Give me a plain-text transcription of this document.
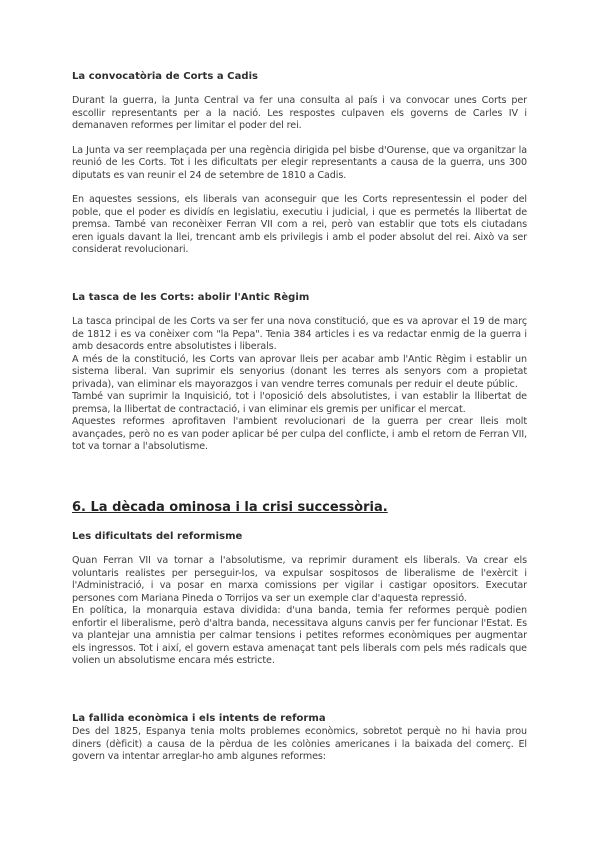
La convocatòria de Corts a Cadis

Durant la guerra, la Junta Central va fer una consulta al país i va convocar unes Corts per escollir representants per a la nació. Les respostes culpaven els governs de Carles IV i demanaven reformes per limitar el poder del rei.

La Junta va ser reemplaçada per una regència dirigida pel bisbe d'Ourense, que va organitzar la reunió de les Corts. Tot i les dificultats per elegir representants a causa de la guerra, uns 300 diputats es van reunir el 24 de setembre de 1810 a Cadis.

En aquestes sessions, els liberals van aconseguir que les Corts representessin el poder del poble, que el poder es dividís en legislatiu, executiu i judicial, i que es permetés la llibertat de premsa. També van reconèixer Ferran VII com a rei, però van establir que tots els ciutadans eren iguals davant la llei, trencant amb els privilegis i amb el poder absolut del rei. Això va ser considerat revolucionari.

La tasca de les Corts: abolir l'Antic Règim

La tasca principal de les Corts va ser fer una nova constitució, que es va aprovar el 19 de març de 1812 i es va conèixer com "la Pepa". Tenia 384 articles i es va redactar enmig de la guerra i amb desacords entre absolutistes i liberals.

A més de la constitució, les Corts van aprovar lleis per acabar amb l'Antic Règim i establir un sistema liberal. Van suprimir els senyorius (donant les terres als senyors com a propietat privada), van eliminar els mayorazgos i van vendre terres comunals per reduir el deute públic.

També van suprimir la Inquisició, tot i l'oposició dels absolutistes, i van establir la llibertat de premsa, la llibertat de contractació, i van eliminar els gremis per unificar el mercat.

Aquestes reformes aprofitaven l'ambient revolucionari de la guerra per crear lleis molt avançades, però no es van poder aplicar bé per culpa del conflicte, i amb el retorn de Ferran VII, tot va tornar a l'absolutisme.

6. La dècada ominosa i la crisi successòria.
Les dificultats del reformisme

Quan Ferran VII va tornar a l'absolutisme, va reprimir durament els liberals. Va crear els voluntaris realistes per perseguir-los, va expulsar sospitosos de liberalisme de l'exèrcit i l'Administració, i va posar en marxa comissions per vigilar i castigar opositors. Executar persones com Mariana Pineda o Torrijos va ser un exemple clar d'aquesta repressió.

En política, la monarquia estava dividida: d'una banda, temia fer reformes perquè podien enfortir el liberalisme, però d'altra banda, necessitava alguns canvis per fer funcionar l'Estat. Es va plantejar una amnistia per calmar tensions i petites reformes econòmiques per augmentar els ingressos. Tot i així, el govern estava amenaçat tant pels liberals com pels més radicals que volien un absolutisme encara més estricte.

La fallida econòmica i els intents de reforma

Des del 1825, Espanya tenia molts problemes econòmics, sobretot perquè no hi havia prou diners (dèficit) a causa de la pèrdua de les colònies americanes i la baixada del comerç. El govern va intentar arreglar-ho amb algunes reformes:
